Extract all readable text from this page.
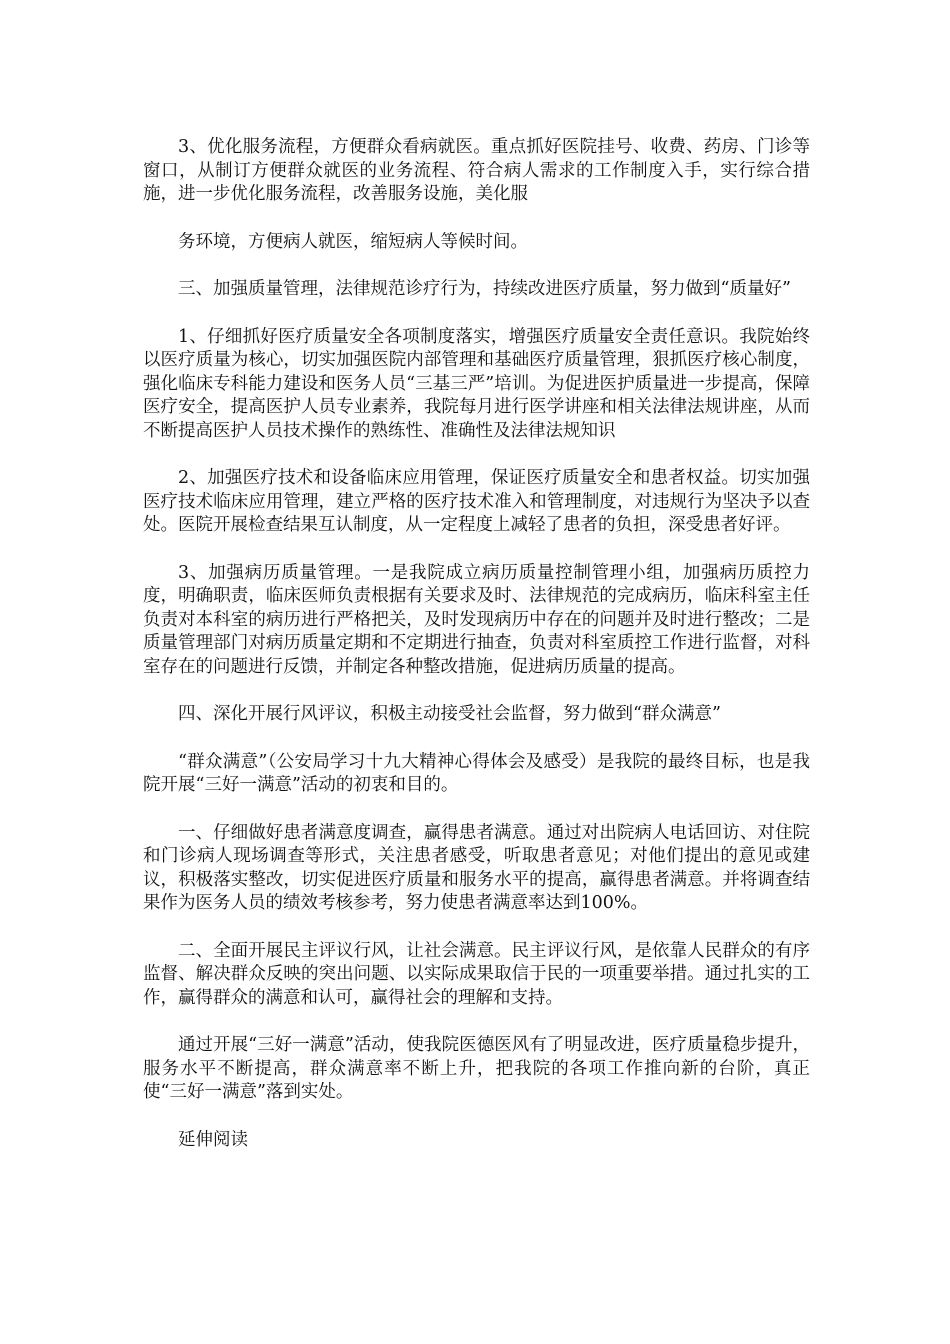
3、优化服务流程，方便群众看病就医。重点抓好医院挂号、收费、药房、门诊等窗口，从制订方便群众就医的业务流程、符合病人需求的工作制度入手，实行综合措施，进一步优化服务流程，改善服务设施，美化服

务环境，方便病人就医，缩短病人等候时间。

三、加强质量管理，法律规范诊疗行为，持续改进医疗质量，努力做到“质量好”

1、仔细抓好医疗质量安全各项制度落实，增强医疗质量安全责任意识。我院始终以医疗质量为核心，切实加强医院内部管理和基础医疗质量管理，狠抓医疗核心制度，强化临床专科能力建设和医务人员“三基三严”培训。为促进医护质量进一步提高，保障医疗安全，提高医护人员专业素养，我院每月进行医学讲座和相关法律法规讲座，从而不断提高医护人员技术操作的熟练性、准确性及法律法规知识

2、加强医疗技术和设备临床应用管理，保证医疗质量安全和患者权益。切实加强医疗技术临床应用管理，建立严格的医疗技术准入和管理制度，对违规行为坚决予以查处。医院开展检查结果互认制度，从一定程度上减轻了患者的负担，深受患者好评。

3、加强病历质量管理。一是我院成立病历质量控制管理小组，加强病历质控力度，明确职责，临床医师负责根据有关要求及时、法律规范的完成病历，临床科室主任负责对本科室的病历进行严格把关，及时发现病历中存在的问题并及时进行整改；二是质量管理部门对病历质量定期和不定期进行抽查，负责对科室质控工作进行监督，对科室存在的问题进行反馈，并制定各种整改措施，促进病历质量的提高。

四、深化开展行风评议，积极主动接受社会监督，努力做到“群众满意”

“群众满意”（公安局学习十九大精神心得体会及感受）是我院的最终目标，也是我院开展“三好一满意”活动的初衷和目的。

一、仔细做好患者满意度调查，赢得患者满意。通过对出院病人电话回访、对住院和门诊病人现场调查等形式，关注患者感受，听取患者意见；对他们提出的意见或建议，积极落实整改，切实促进医疗质量和服务水平的提高，赢得患者满意。并将调查结果作为医务人员的绩效考核参考，努力使患者满意率达到100%。

二、全面开展民主评议行风，让社会满意。民主评议行风，是依靠人民群众的有序监督、解决群众反映的突出问题、以实际成果取信于民的一项重要举措。通过扎实的工作，赢得群众的满意和认可，赢得社会的理解和支持。

通过开展“三好一满意”活动，使我院医德医风有了明显改进，医疗质量稳步提升，服务水平不断提高，群众满意率不断上升，把我院的各项工作推向新的台阶，真正使“三好一满意”落到实处。

延伸阅读
